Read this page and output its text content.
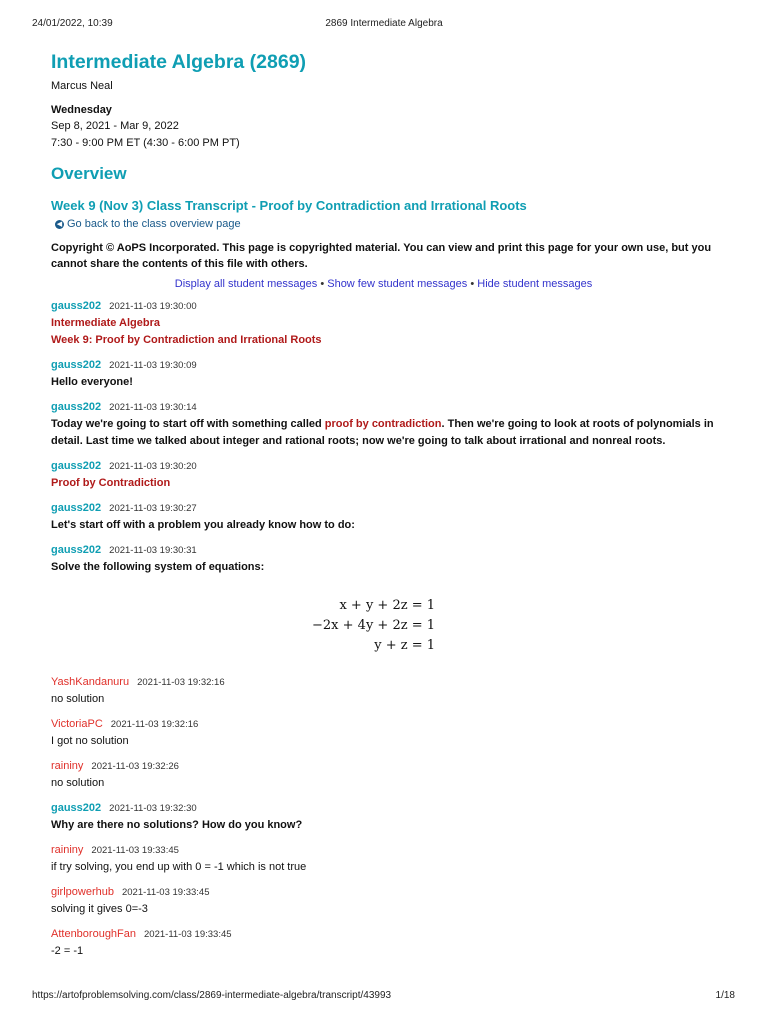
24/01/2022, 10:39	2869 Intermediate Algebra
Intermediate Algebra (2869)
Marcus Neal
Wednesday
Sep 8, 2021 - Mar 9, 2022
7:30 - 9:00 PM ET (4:30 - 6:00 PM PT)
Overview
Week 9 (Nov 3) Class Transcript - Proof by Contradiction and Irrational Roots
◀ Go back to the class overview page
Copyright © AoPS Incorporated. This page is copyrighted material. You can view and print this page for your own use, but you cannot share the contents of this file with others.
Display all student messages • Show few student messages • Hide student messages
gauss202 2021-11-03 19:30:00
Intermediate Algebra
Week 9: Proof by Contradiction and Irrational Roots
gauss202 2021-11-03 19:30:09
Hello everyone!
gauss202 2021-11-03 19:30:14
Today we're going to start off with something called proof by contradiction. Then we're going to look at roots of polynomials in detail. Last time we talked about integer and rational roots; now we're going to talk about irrational and nonreal roots.
gauss202 2021-11-03 19:30:20
Proof by Contradiction
gauss202 2021-11-03 19:30:27
Let's start off with a problem you already know how to do:
gauss202 2021-11-03 19:30:31
Solve the following system of equations:
x + y + 2z = 1
−2x + 4y + 2z = 1
y + z = 1
YashKandanuru 2021-11-03 19:32:16
no solution
VictoriaPC 2021-11-03 19:32:16
I got no solution
raininy 2021-11-03 19:32:26
no solution
gauss202 2021-11-03 19:32:30
Why are there no solutions? How do you know?
raininy 2021-11-03 19:33:45
if try solving, you end up with 0 = -1 which is not true
girlpowerhub 2021-11-03 19:33:45
solving it gives 0=-3
AttenboroughFan 2021-11-03 19:33:45
-2 = -1
https://artofproblemsolving.com/class/2869-intermediate-algebra/transcript/43993	1/18
